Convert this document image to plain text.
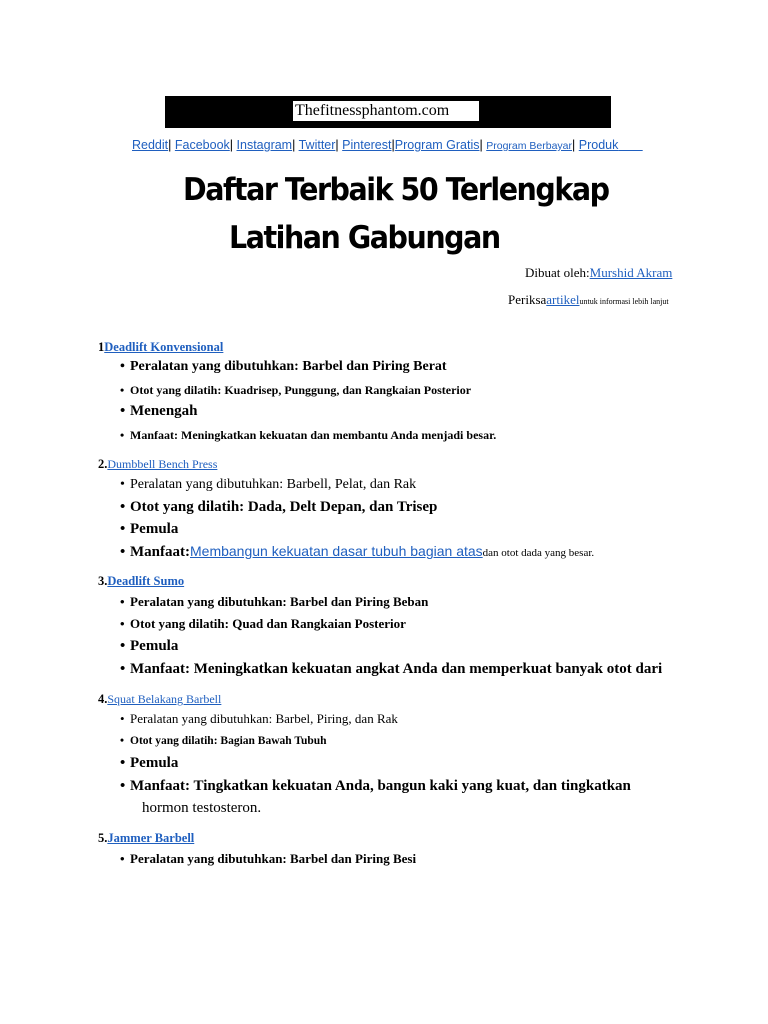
Thefitnessphantom.com
Reddit| Facebook| Instagram| Twitter| Pinterest|Program Gratis| Program Berbayar| Produk
Daftar Terbaik 50 Terlengkap
Latihan Gabungan
Dibuat oleh:Murshid Akram
Periksaartikeluntuk informasi lebih lanjut
1Deadlift Konvensional
• Peralatan yang dibutuhkan: Barbel dan Piring Berat
• Otot yang dilatih: Kuadrisep, Punggung, dan Rangkaian Posterior
• Menengah
• Manfaat: Meningkatkan kekuatan dan membantu Anda menjadi besar.
2.Dumbbell Bench Press
• Peralatan yang dibutuhkan: Barbell, Pelat, dan Rak
• Otot yang dilatih: Dada, Delt Depan, dan Trisep
• Pemula
• Manfaat:Membangun kekuatan dasar tubuh bagian atasdan otot dada yang besar.
3.Deadlift Sumo
• Peralatan yang dibutuhkan: Barbel dan Piring Beban
• Otot yang dilatih: Quad dan Rangkaian Posterior
• Pemula
• Manfaat: Meningkatkan kekuatan angkat Anda dan memperkuat banyak otot dari
4.Squat Belakang Barbell
• Peralatan yang dibutuhkan: Barbel, Piring, dan Rak
• Otot yang dilatih: Bagian Bawah Tubuh
• Pemula
• Manfaat: Tingkatkan kekuatan Anda, bangun kaki yang kuat, dan tingkatkan
hormon testosteron.
5.Jammer Barbell
• Peralatan yang dibutuhkan: Barbel dan Piring Besi
